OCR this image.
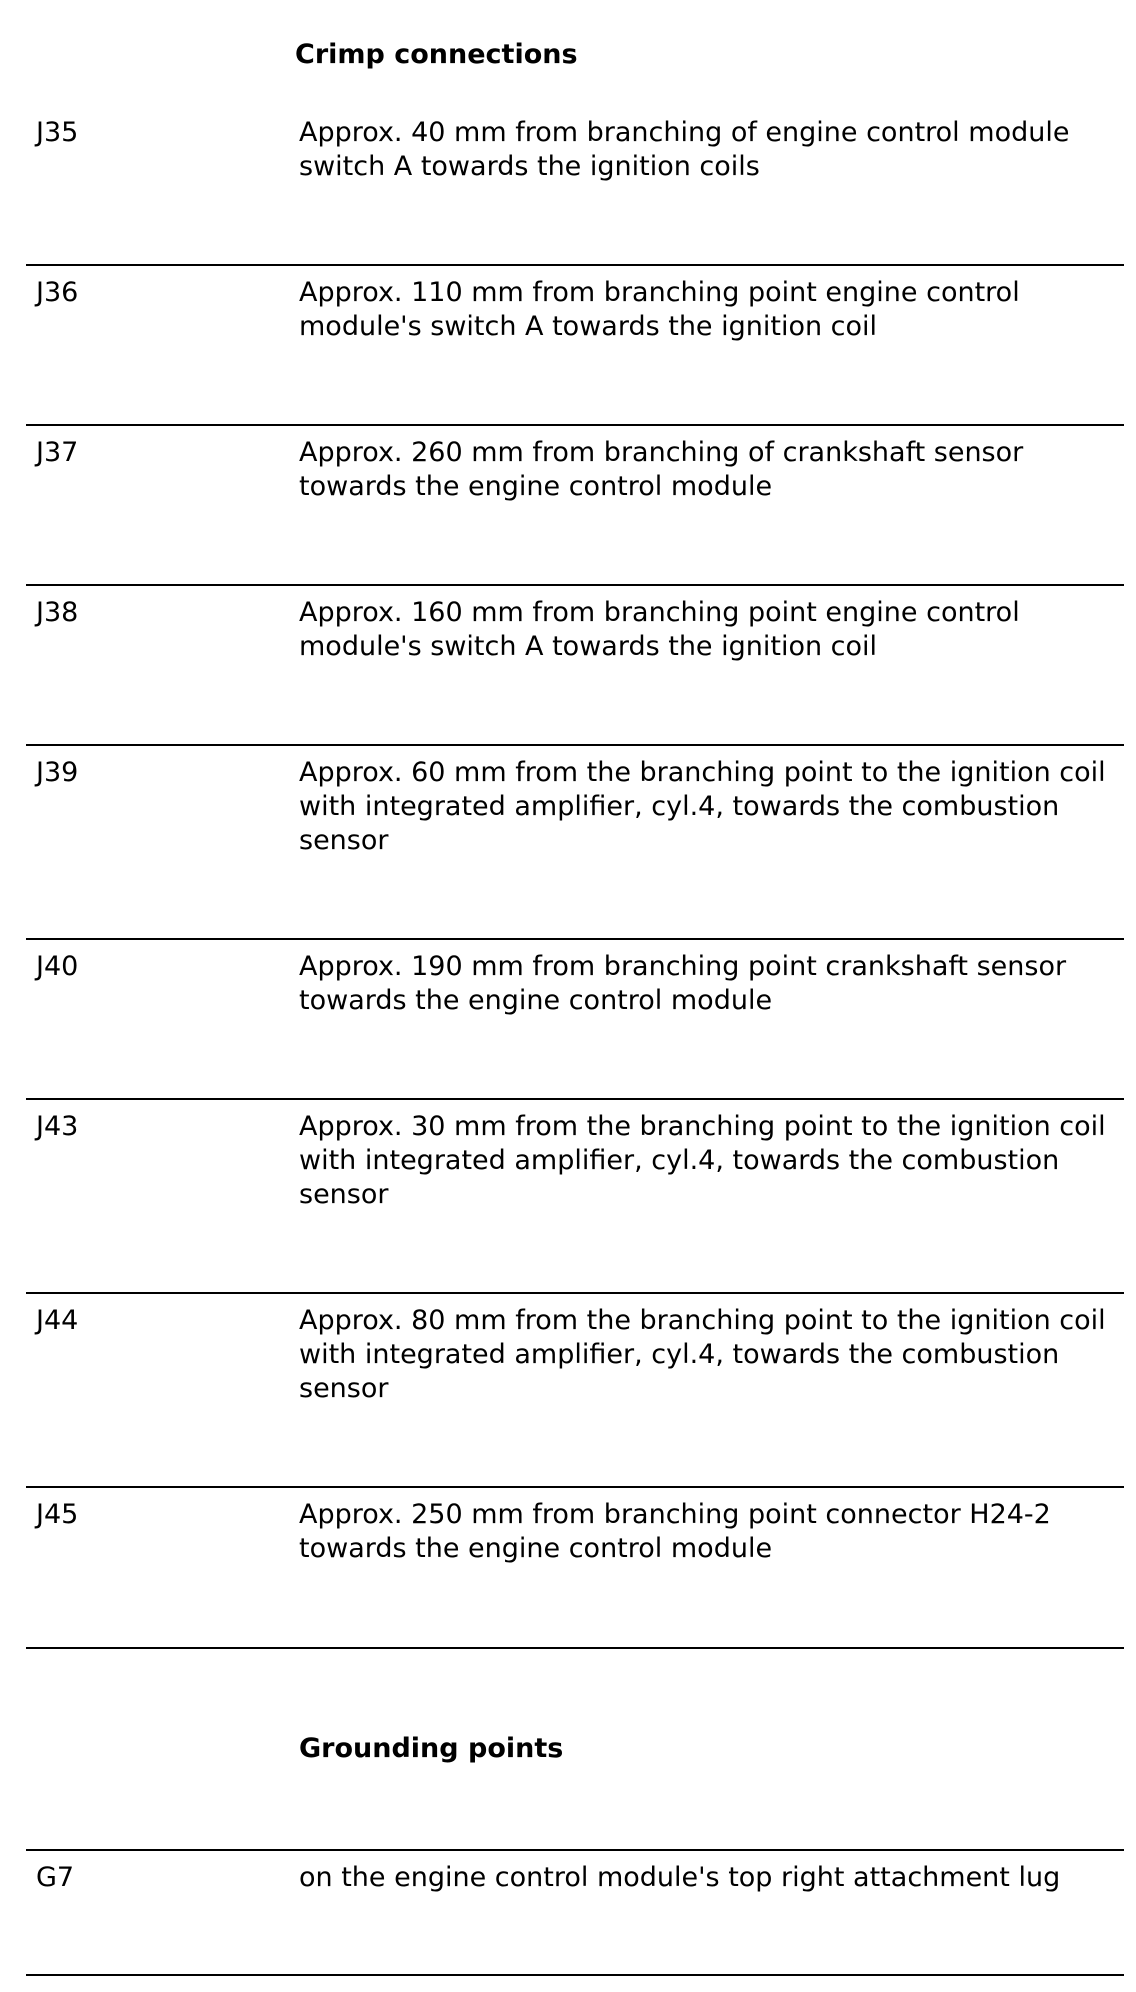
Crimp connections
J35	Approx. 40 mm from branching of engine control module switch A towards the ignition coils
J36	Approx. 110 mm from branching point engine control module's switch A towards the ignition coil
J37	Approx. 260 mm from branching of crankshaft sensor towards the engine control module
J38	Approx. 160 mm from branching point engine control module's switch A towards the ignition coil
J39	Approx. 60 mm from the branching point to the ignition coil with integrated amplifier, cyl.4, towards the combustion sensor
J40	Approx. 190 mm from branching point crankshaft sensor towards the engine control module
J43	Approx. 30 mm from the branching point to the ignition coil with integrated amplifier, cyl.4, towards the combustion sensor
J44	Approx. 80 mm from the branching point to the ignition coil with integrated amplifier, cyl.4, towards the combustion sensor
J45	Approx. 250 mm from branching point connector H24-2 towards the engine control module
Grounding points
G7	on the engine control module's top right attachment lug
